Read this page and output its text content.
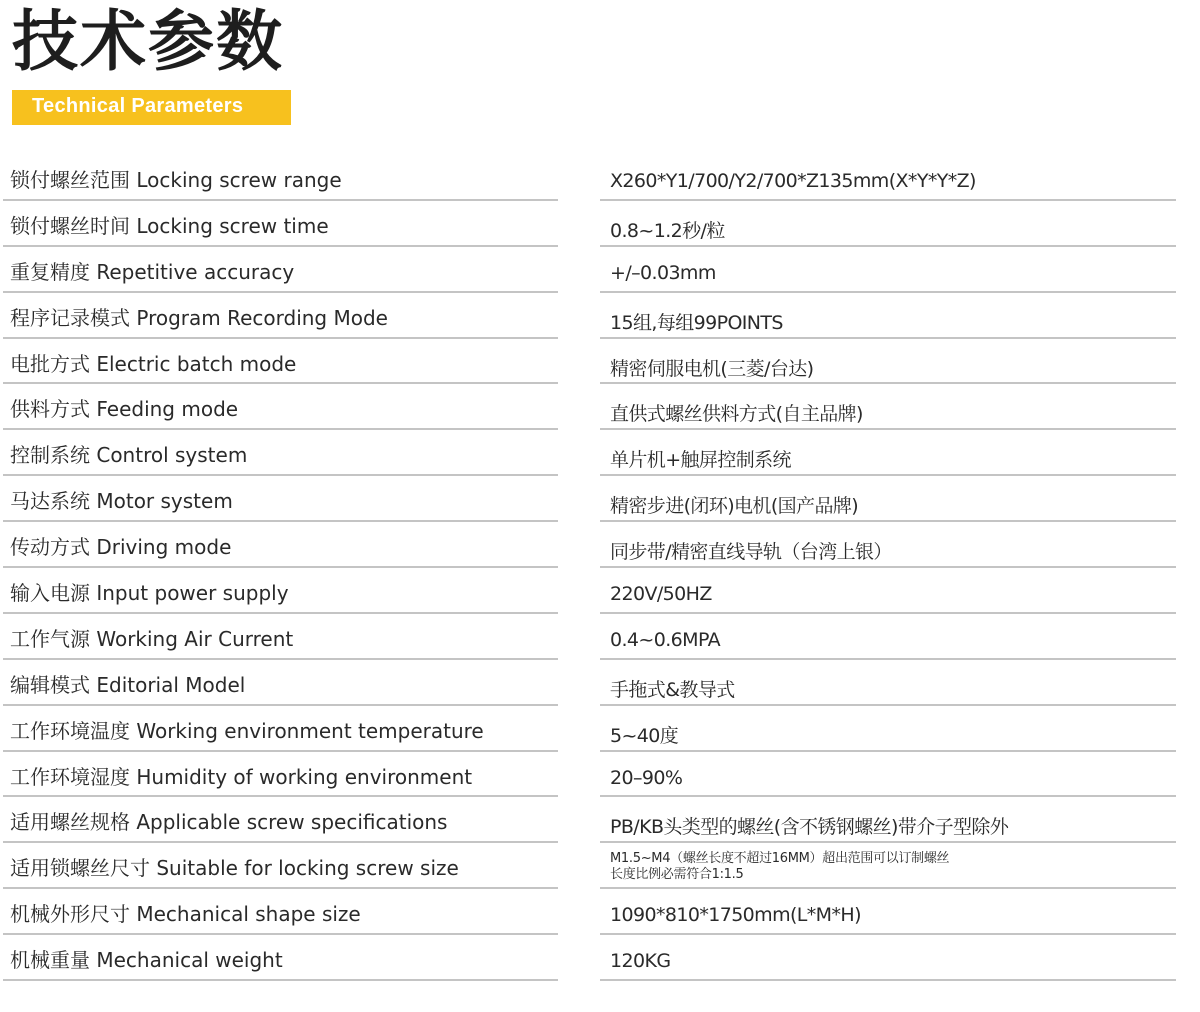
技术参数
Technical Parameters
锁付螺丝范围 Locking screw range	X260*Y1/700/Y2/700*Z135mm(X*Y*Y*Z)
锁付螺丝时间 Locking screw time	0.8~1.2秒/粒
重复精度 Repetitive accuracy	+/–0.03mm
程序记录模式 Program Recording Mode	15组,每组99POINTS
电批方式 Electric batch mode	精密伺服电机(三菱/台达)
供料方式 Feeding mode	直供式螺丝供料方式(自主品牌)
控制系统 Control system	单片机+触屏控制系统
马达系统 Motor system	精密步进(闭环)电机(国产品牌)
传动方式 Driving mode	同步带/精密直线导轨（台湾上银）
输入电源 Input power supply	220V/50HZ
工作气源 Working Air Current	0.4~0.6MPA
编辑模式 Editorial Model	手拖式&教导式
工作环境温度 Working environment temperature	5~40度
工作环境湿度 Humidity of working environment	20–90%
适用螺丝规格 Applicable screw specifications	PB/KB头类型的螺丝(含不锈钢螺丝)带介子型除外
适用锁螺丝尺寸 Suitable for locking screw size	M1.5~M4（螺丝长度不超过16MM）超出范围可以订制螺丝
长度比例必需符合1:1.5
机械外形尺寸 Mechanical shape size	1090*810*1750mm(L*M*H)
机械重量 Mechanical weight	120KG
